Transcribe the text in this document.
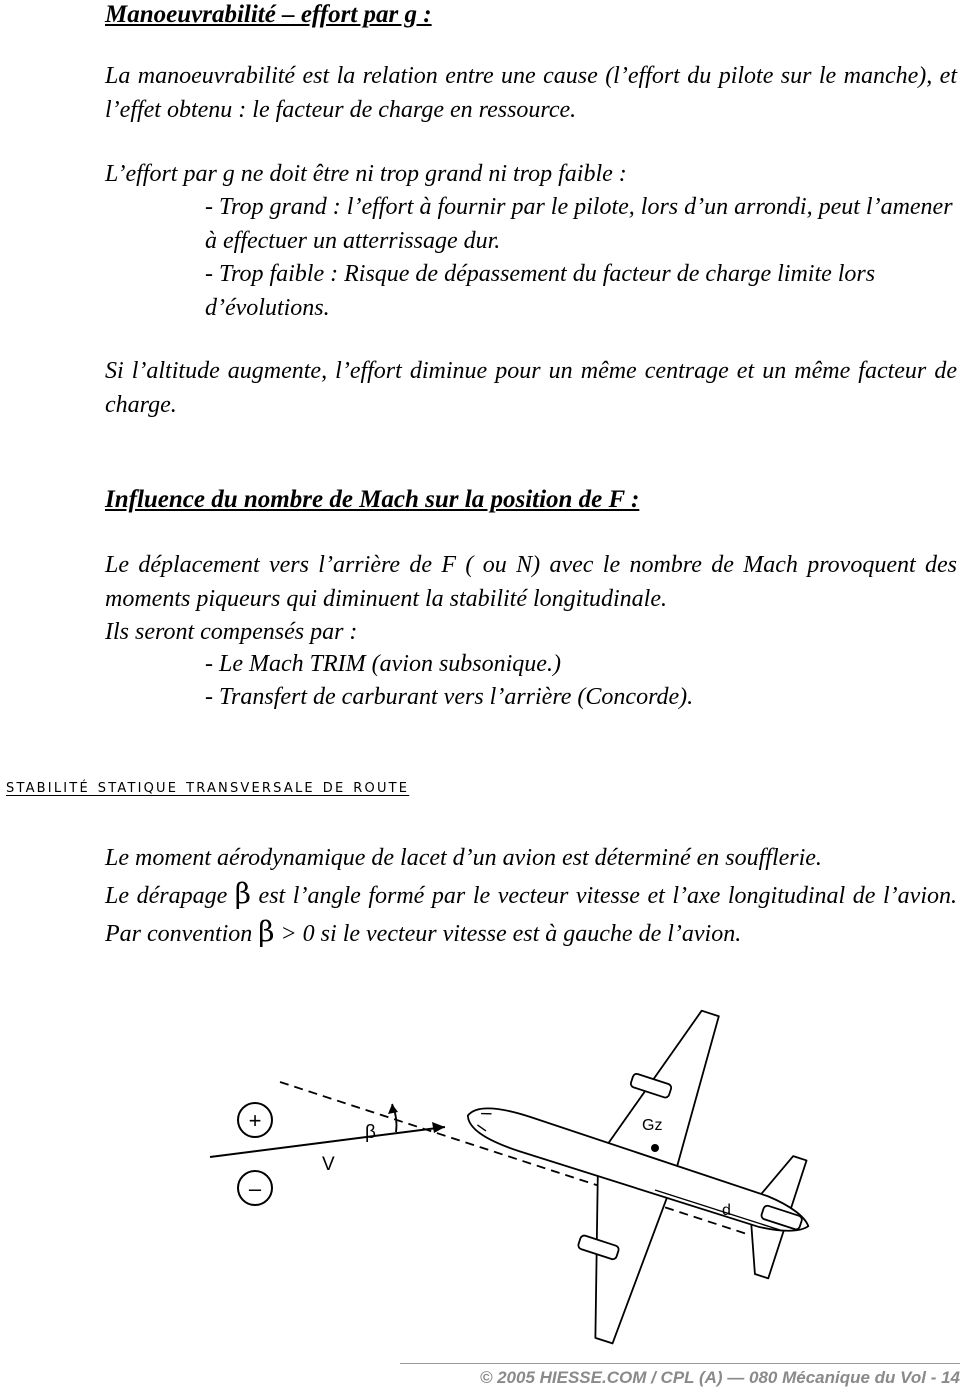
Manoeuvrabilité – effort par g :
La manoeuvrabilité est la relation entre une cause (l’effort du pilote sur le manche), et l’effet obtenu : le facteur de charge en ressource.
L’effort par g ne doit être ni trop grand ni trop faible :
- Trop grand : l’effort à fournir par le pilote, lors d’un arrondi, peut l’amener à effectuer un atterrissage dur.
- Trop faible : Risque de dépassement du facteur de charge limite lors d’évolutions.
Si l’altitude augmente, l’effort diminue pour un même centrage et un même facteur de charge.
Influence du nombre de Mach sur la position de F :
Le déplacement vers l’arrière de F ( ou N) avec le nombre de Mach provoquent des moments piqueurs qui diminuent la stabilité longitudinale.
Ils seront compensés par :
- Le Mach TRIM (avion subsonique.)
- Transfert de carburant vers l’arrière (Concorde).
stabilité statique transversale de route
Le moment aérodynamique de lacet d’un avion est déterminé en soufflerie.

Le dérapage β est l’angle formé par le vecteur vitesse et l’axe longitudinal de l’avion. Par convention β > 0 si le vecteur vitesse est à gauche de l’avion.
+
–
V
β	Gz
d
© 2005 HIESSE.COM / CPL (A) — 080 Mécanique du Vol - 14
